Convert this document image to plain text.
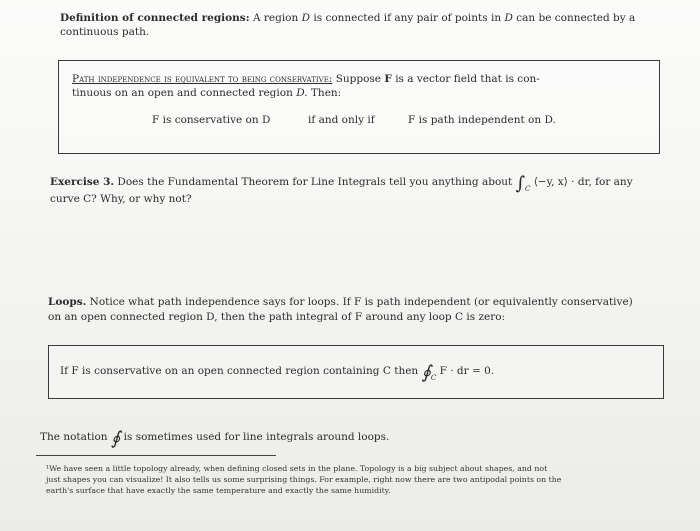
Definition of connected regions: A region D is connected if any pair of points in D can be connected by a continuous path.
Path independence is equivalent to being conservative: Suppose F is a vector field that is con-
tinuous on an open and connected region D. Then:
F is conservative on D	if and only if	F is path independent on D.
Exercise 3. Does the Fundamental Theorem for Line Integrals tell you anything about $\int_C$ ⟨−y, x⟩ · dr, for any
curve C? Why, or why not?
Loops. Notice what path independence says for loops. If F is path independent (or equivalently conservative)
on an open connected region D, then the path integral of F around any loop C is zero:
If F is conservative on an open connected region containing C then $∮_C$ F · dr = 0.
The notation ∮ is sometimes used for line integrals around loops.
¹We have seen a little topology already, when defining closed sets in the plane. Topology is a big subject about shapes, and not
just shapes you can visualize! It also tells us some surprising things. For example, right now there are two antipodal points on the
earth's surface that have exactly the same temperature and exactly the same humidity.
